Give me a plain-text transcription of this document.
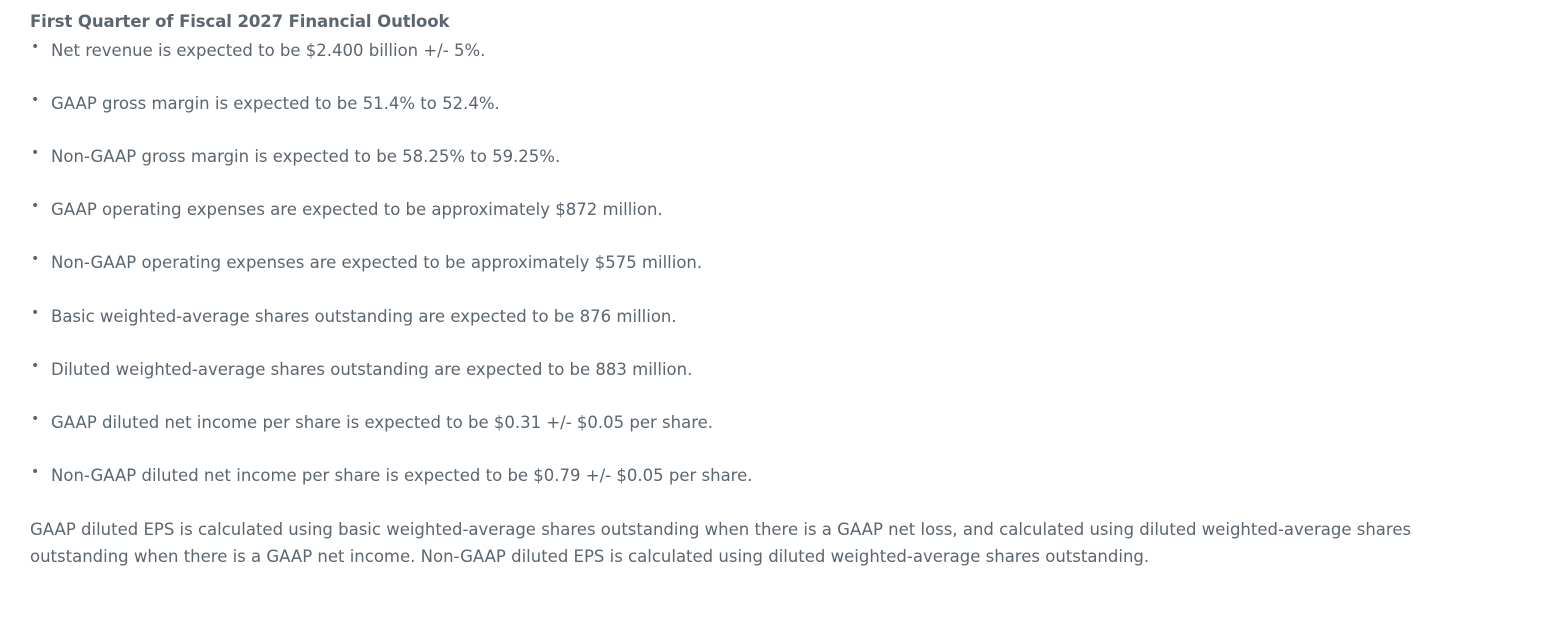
First Quarter of Fiscal 2027 Financial Outlook
• Net revenue is expected to be $2.400 billion +/- 5%.
• GAAP gross margin is expected to be 51.4% to 52.4%.
• Non-GAAP gross margin is expected to be 58.25% to 59.25%.
• GAAP operating expenses are expected to be approximately $872 million.
• Non-GAAP operating expenses are expected to be approximately $575 million.
• Basic weighted-average shares outstanding are expected to be 876 million.
• Diluted weighted-average shares outstanding are expected to be 883 million.
• GAAP diluted net income per share is expected to be $0.31 +/- $0.05 per share.
• Non-GAAP diluted net income per share is expected to be $0.79 +/- $0.05 per share.

GAAP diluted EPS is calculated using basic weighted-average shares outstanding when there is a GAAP net loss, and calculated using diluted weighted-average shares outstanding when there is a GAAP net income. Non-GAAP diluted EPS is calculated using diluted weighted-average shares outstanding.
